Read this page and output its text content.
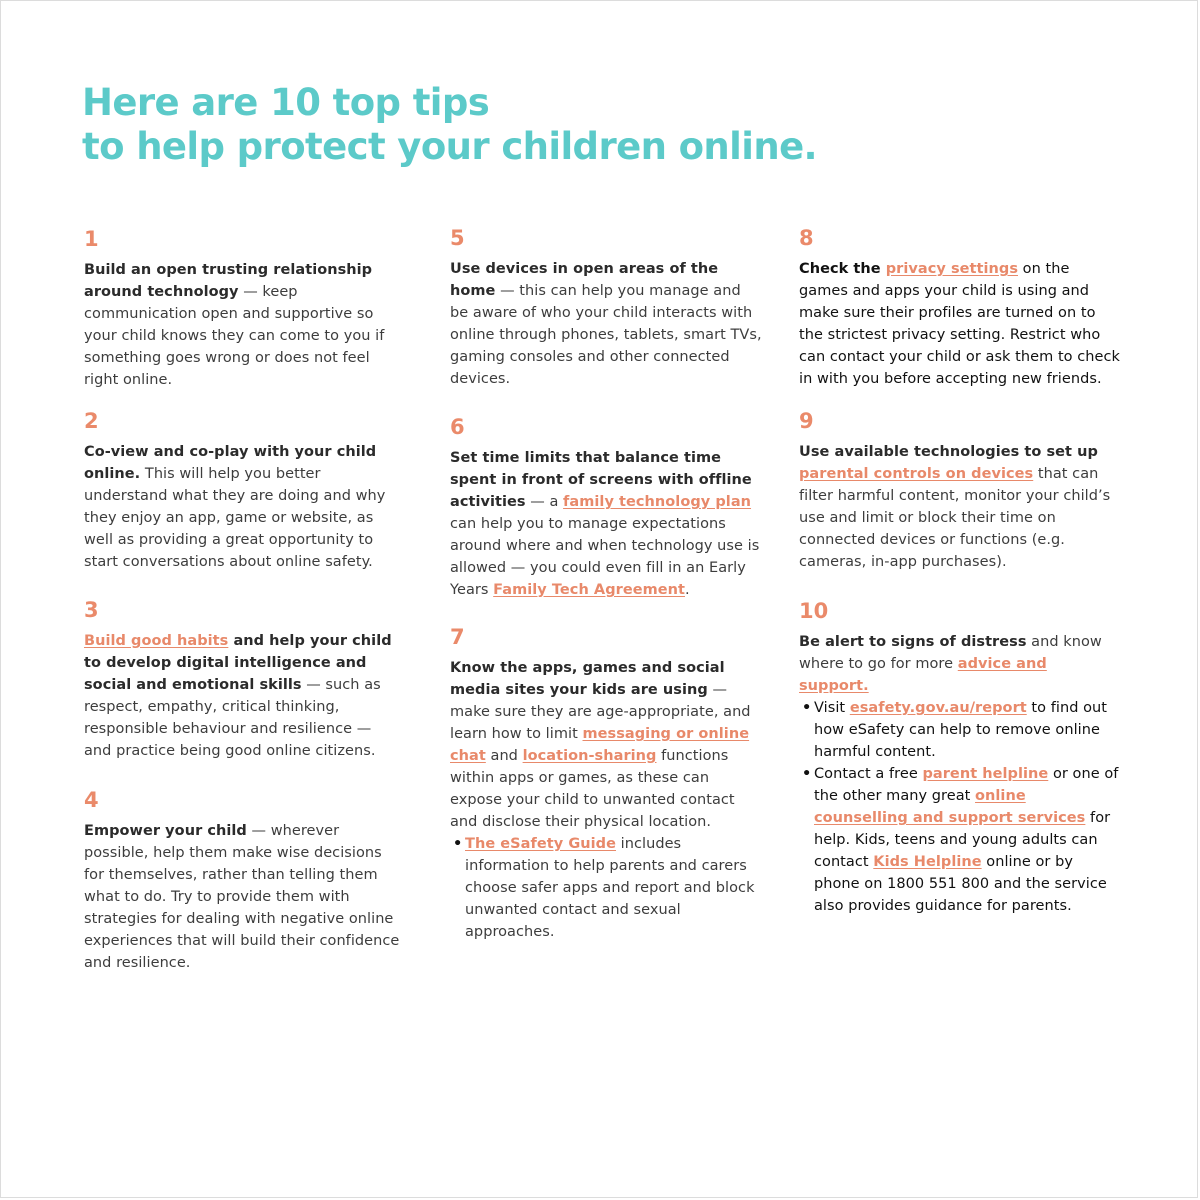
Here are 10 top tips
to help protect your children online.
1

Build an open trusting relationship around technology — keep communication open and supportive so your child knows they can come to you if something goes wrong or does not feel right online.

2

Co-view and co-play with your child online. This will help you better understand what they are doing and why they enjoy an app, game or website, as well as providing a great opportunity to start conversations about online safety.

3

Build good habits and help your child to develop digital intelligence and social and emotional skills — such as respect, empathy, critical thinking, responsible behaviour and resilience — and practice being good online citizens.

4

Empower your child — wherever possible, help them make wise decisions for themselves, rather than telling them what to do. Try to provide them with strategies for dealing with negative online experiences that will build their confidence and resilience.

5

Use devices in open areas of the home — this can help you manage and be aware of who your child interacts with online through phones, tablets, smart TVs, gaming consoles and other connected devices.

6

Set time limits that balance time spent in front of screens with offline activities — a family technology plan can help you to manage expectations around where and when technology use is allowed — you could even fill in an Early Years Family Tech Agreement.

7

Know the apps, games and social media sites your kids are using — make sure they are age-appropriate, and learn how to limit messaging or online chat and location-sharing functions within apps or games, as these can expose your child to unwanted contact and disclose their physical location.

• The eSafety Guide includes information to help parents and carers choose safer apps and report and block unwanted contact and sexual approaches.
8

Check the privacy settings on the games and apps your child is using and make sure their profiles are turned on to the strictest privacy setting. Restrict who can contact your child or ask them to check in with you before accepting new friends.

9

Use available technologies to set up parental controls on devices that can filter harmful content, monitor your child’s use and limit or block their time on connected devices or functions (e.g. cameras, in-app purchases).

10

Be alert to signs of distress and know where to go for more advice and support.

• Visit esafety.gov.au/report to find out how eSafety can help to remove online harmful content.
• Contact a free parent helpline or one of the other many great online counselling and support services for help. Kids, teens and young adults can contact Kids Helpline online or by phone on 1800 551 800 and the service also provides guidance for parents.
